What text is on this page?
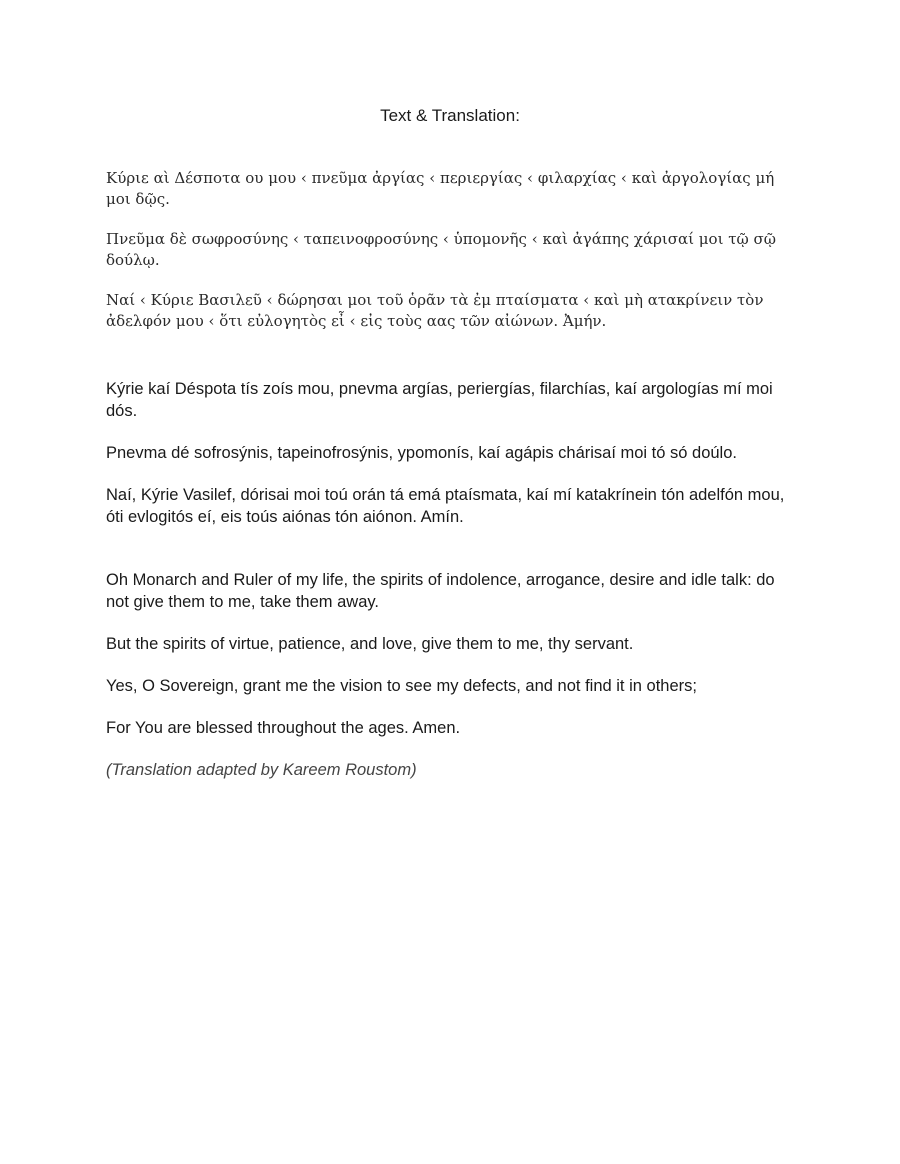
Text & Translation:

Κύριε αὶ Δέσποτα ου μου ‹ πνεῦμα ἀργίας ‹ περιεργίας ‹ φιλαρχίας ‹ καὶ ἀργολογίας μή μοι δῷς.

Πνεῦμα δὲ σωφροσύνης ‹ ταπεινοφροσύνης ‹ ὑπομονῆς ‹ καὶ ἀγάπης χάρισαί μοι τῷ σῷ δούλῳ.

Ναί ‹ Κύριε Βασιλεῦ ‹ δώρησαι μοι τοῦ ὁρᾶν τὰ ἐμ πταίσματα ‹ καὶ μὴ ατακρίνειν τὸν ἀδελφόν μου ‹ ὅτι εὐλογητὸς εἶ ‹ εἰς τοὺς αας τῶν αἰώνων. Ἀμήν.

Kýrie kaí Déspota tís zoís mou, pnevma argías, periergías, filarchías, kaí argologías mí moi dós.

Pnevma dé sofrosýnis, tapeinofrosýnis, ypomonís, kaí agápis chárisaí moi tó só doúlo.

Naí, Kýrie Vasilef, dórisai moi toú orán tá emá ptaísmata, kaí mí katakrínein tón adelfón mou, óti evlogitós eí, eis toús aiónas tón aiónon. Amín.

Oh Monarch and Ruler of my life, the spirits of indolence, arrogance, desire and idle talk: do not give them to me, take them away.

But the spirits of virtue, patience, and love, give them to me, thy servant.

Yes, O Sovereign, grant me the vision to see my defects, and not find it in others;

For You are blessed throughout the ages. Amen.

(Translation adapted by Kareem Roustom)
